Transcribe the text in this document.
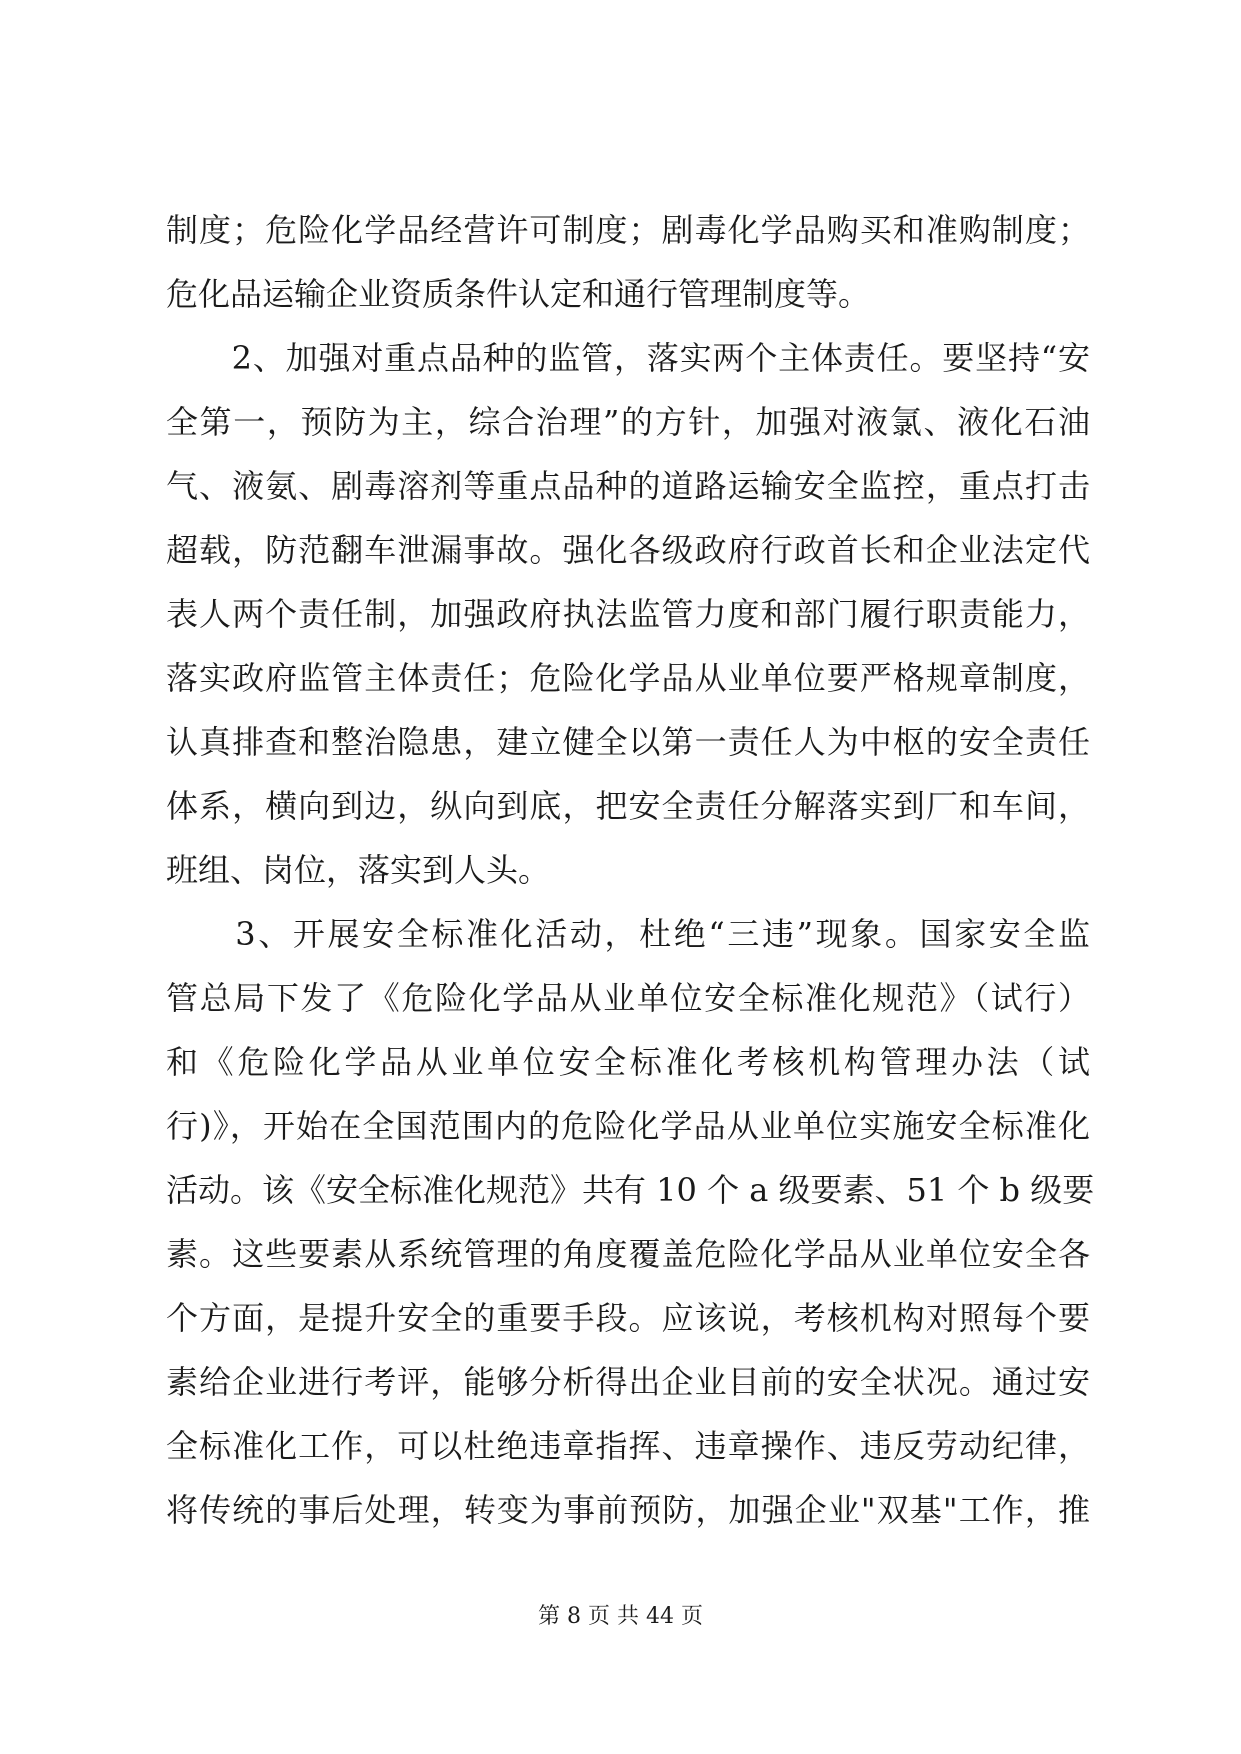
制度；危险化学品经营许可制度；剧毒化学品购买和准购制度；
危化品运输企业资质条件认定和通行管理制度等。
　　2、加强对重点品种的监管，落实两个主体责任。要坚持“安
全第一，预防为主，综合治理”的方针，加强对液氯、液化石油
气、液氨、剧毒溶剂等重点品种的道路运输安全监控，重点打击
超载，防范翻车泄漏事故。强化各级政府行政首长和企业法定代
表人两个责任制，加强政府执法监管力度和部门履行职责能力，
落实政府监管主体责任；危险化学品从业单位要严格规章制度，
认真排查和整治隐患，建立健全以第一责任人为中枢的安全责任
体系，横向到边，纵向到底，把安全责任分解落实到厂和车间，
班组、岗位，落实到人头。
　　3、开展安全标准化活动，杜绝“三违”现象。国家安全监
管总局下发了《危险化学品从业单位安全标准化规范》（试行）
和《危险化学品从业单位安全标准化考核机构管理办法（试
行)》，开始在全国范围内的危险化学品从业单位实施安全标准化
活动。该《安全标准化规范》共有 10 个 a 级要素、51 个 b 级要
素。这些要素从系统管理的角度覆盖危险化学品从业单位安全各
个方面，是提升安全的重要手段。应该说，考核机构对照每个要
素给企业进行考评，能够分析得出企业目前的安全状况。通过安
全标准化工作，可以杜绝违章指挥、违章操作、违反劳动纪律，
将传统的事后处理，转变为事前预防，加强企业"双基"工作，推
第 8 页 共 44 页
